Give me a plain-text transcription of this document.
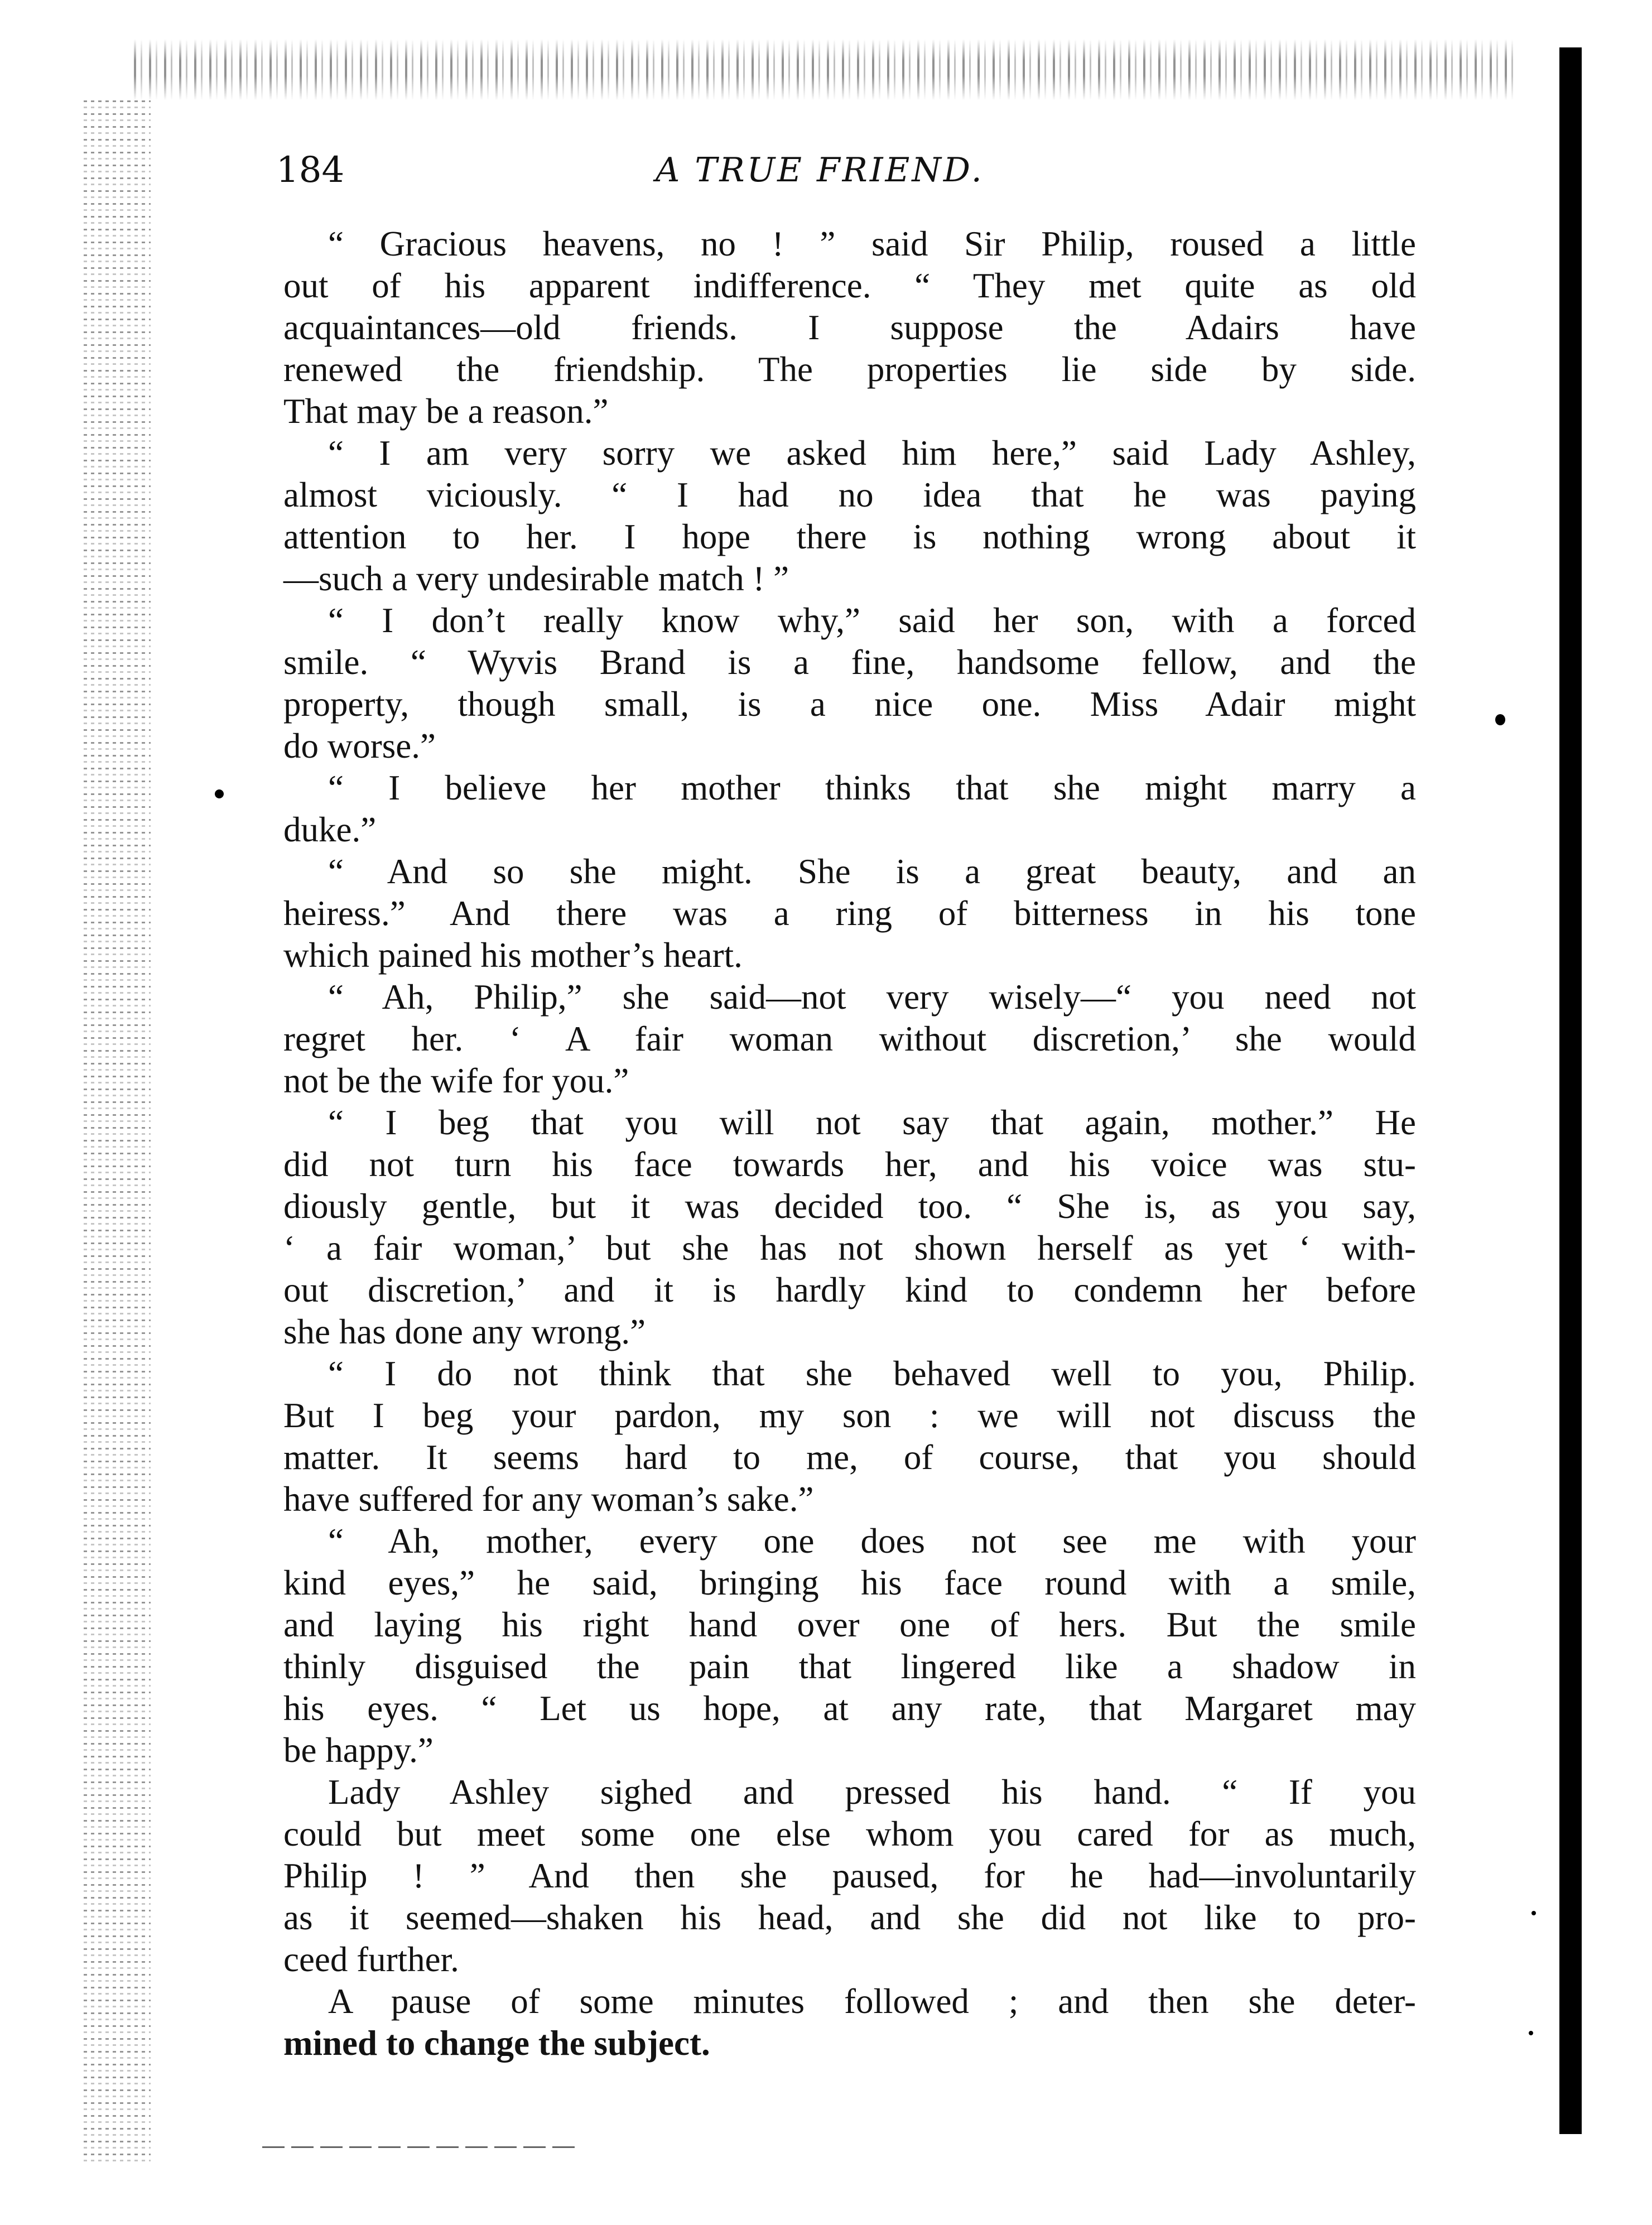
184	A TRUE FRIEND.
“ Gracious heavens, no ! ” said Sir Philip, roused a little
out of his apparent indifference. “ They met quite as old
acquaintances—old friends. I suppose the Adairs have
renewed the friendship. The properties lie side by side.
That may be a reason.”
“ I am very sorry we asked him here,” said Lady Ashley,
almost viciously. “ I had no idea that he was paying
attention to her. I hope there is nothing wrong about it
—such a very undesirable match ! ”
“ I don’t really know why,” said her son, with a forced
smile. “ Wyvis Brand is a fine, handsome fellow, and the
property, though small, is a nice one. Miss Adair might
do worse.”
“ I believe her mother thinks that she might marry a
duke.”
“ And so she might. She is a great beauty, and an
heiress.” And there was a ring of bitterness in his tone
which pained his mother’s heart.
“ Ah, Philip,” she said—not very wisely—“ you need not
regret her. ‘ A fair woman without discretion,’ she would
not be the wife for you.”
“ I beg that you will not say that again, mother.” He
did not turn his face towards her, and his voice was stu-
diously gentle, but it was decided too. “ She is, as you say,
‘ a fair woman,’ but she has not shown herself as yet ‘ with-
out discretion,’ and it is hardly kind to condemn her before
she has done any wrong.”
“ I do not think that she behaved well to you, Philip.
But I beg your pardon, my son : we will not discuss the
matter. It seems hard to me, of course, that you should
have suffered for any woman’s sake.”
“ Ah, mother, every one does not see me with your
kind eyes,” he said, bringing his face round with a smile,
and laying his right hand over one of hers. But the smile
thinly disguised the pain that lingered like a shadow in
his eyes. “ Let us hope, at any rate, that Margaret may
be happy.”
Lady Ashley sighed and pressed his hand. “ If you
could but meet some one else whom you cared for as much,
Philip ! ” And then she paused, for he had—involuntarily
as it seemed—shaken his head, and she did not like to pro-
ceed further.
A pause of some minutes followed ; and then she deter-
mined to change the subject.
